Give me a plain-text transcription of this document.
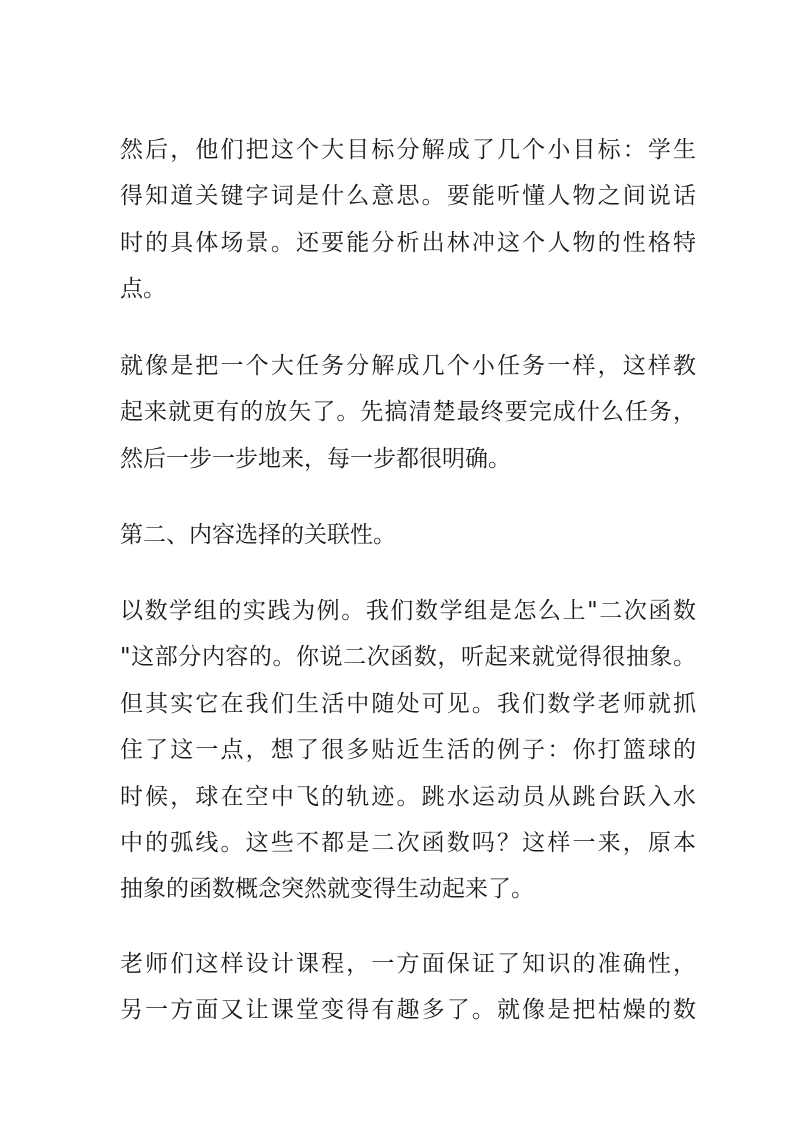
然后，他们把这个大目标分解成了几个小目标：学生
得知道关键字词是什么意思。要能听懂人物之间说话
时的具体场景。还要能分析出林冲这个人物的性格特
点。
就像是把一个大任务分解成几个小任务一样，这样教
起来就更有的放矢了。先搞清楚最终要完成什么任务，
然后一步一步地来，每一步都很明确。
第二、内容选择的关联性。
以数学组的实践为例。我们数学组是怎么上"二次函数
"这部分内容的。你说二次函数，听起来就觉得很抽象。
但其实它在我们生活中随处可见。我们数学老师就抓
住了这一点，想了很多贴近生活的例子：你打篮球的
时候，球在空中飞的轨迹。跳水运动员从跳台跃入水
中的弧线。这些不都是二次函数吗？这样一来，原本
抽象的函数概念突然就变得生动起来了。
老师们这样设计课程，一方面保证了知识的准确性，
另一方面又让课堂变得有趣多了。就像是把枯燥的数
